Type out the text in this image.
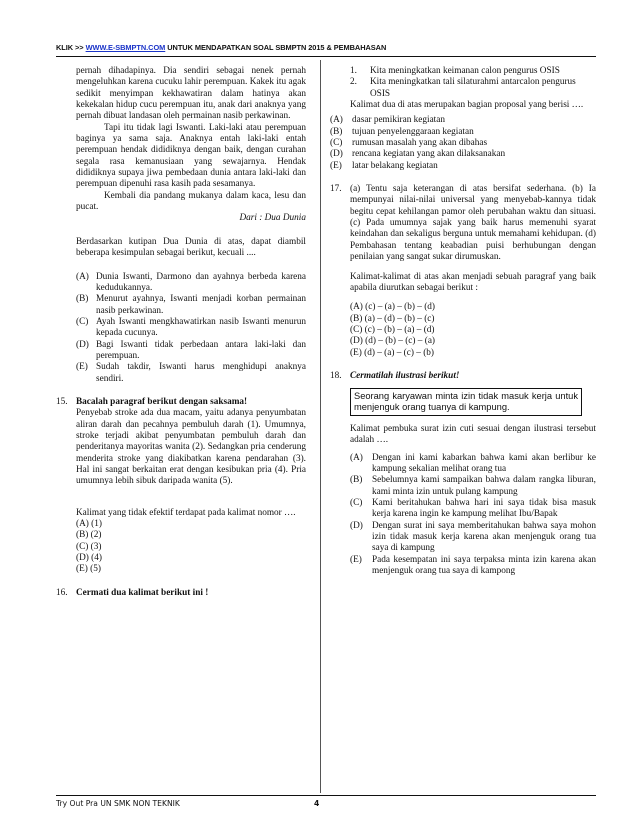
KLIK >> WWW.E-SBMPTN.COM UNTUK MENDAPATKAN SOAL SBMPTN 2015 & PEMBAHASAN

pernah dihadapinya. Dia sendiri sebagai nenek pernah mengeluhkan karena cucuku lahir perempuan. Kakek itu agak sedikit menyimpan kekhawatiran dalam hatinya akan kekekalan hidup cucu perempuan itu, anak dari anaknya yang pernah dibuat landasan oleh permainan nasib perkawinan.

Tapi itu tidak lagi Iswanti. Laki-laki atau perempuan baginya ya sama saja. Anaknya entah laki-laki entah perempuan hendak dididiknya dengan baik, dengan curahan segala rasa kemanusiaan yang sewajarnya. Hendak dididiknya supaya jiwa pembedaan dunia antara laki-laki dan perempuan dipenuhi rasa kasih pada sesamanya.

Kembali dia pandang mukanya dalam kaca, lesu dan pucat.

Dari : Dua Dunia

Berdasarkan kutipan Dua Dunia di atas, dapat diambil beberapa kesimpulan sebagai berikut, kecuali ....

(A) Dunia Iswanti, Darmono dan ayahnya berbeda karena kedudukannya.
(B) Menurut ayahnya, Iswanti menjadi korban permainan nasib perkawinan.
(C) Ayah Iswanti mengkhawatirkan nasib Iswanti menurun kepada cucunya.
(D) Bagi Iswanti tidak perbedaan antara laki-laki dan perempuan.
(E) Sudah takdir, Iswanti harus menghidupi anaknya sendiri.
15. Bacalah paragraf berikut dengan saksama!

Penyebab stroke ada dua macam, yaitu adanya penyumbatan aliran darah dan pecahnya pembuluh darah (1). Umumnya, stroke terjadi akibat penyumbatan pembuluh darah dan penderitanya mayoritas wanita (2). Sedangkan pria cenderung menderita stroke yang diakibatkan karena pendarahan (3). Hal ini sangat berkaitan erat dengan kesibukan pria (4). Pria umumnya lebih sibuk daripada wanita (5).

Kalimat yang tidak efektif terdapat pada kalimat nomor ….

(A) (1)
(B) (2)
(C) (3)
(D) (4)
(E) (5)
16. Cermati dua kalimat berikut ini !
1.	Kita meningkatkan keimanan calon pengurus OSIS
2.	Kita meningkatkan tali silaturahmi antarcalon pengurus OSIS

Kalimat dua di atas merupakan bagian proposal yang berisi ….

(A) dasar pemikiran kegiatan
(B)	tujuan penyelenggaraan kegiatan
(C)	rumusan masalah yang akan dibahas
(D) rencana kegiatan yang akan dilaksanakan
(E)	latar belakang kegiatan
17. (a) Tentu saja keterangan di atas bersifat sederhana. (b) Ia mempunyai nilai-nilai universal yang menyebab-kannya tidak begitu cepat kehilangan pamor oleh perubahan waktu dan situasi. (c) Pada umumnya sajak yang baik harus memenuhi syarat keindahan dan sekaligus berguna untuk memahami kehidupan. (d) Pembahasan tentang keabadian puisi berhubungan dengan penilaian yang sangat sukar dirumuskan.

Kalimat-kalimat di atas akan menjadi sebuah paragraf yang baik apabila diurutkan sebagai berikut :

(A) (c) – (a) – (b) – (d)
(B) (a) – (d) – (b) – (c)
(C) (c) – (b) – (a) – (d)
(D) (d) – (b) – (c) – (a)
(E) (d) – (a) – (c) – (b)
18. Cermatilah ilustrasi berikut!
Seorang karyawan minta izin tidak masuk kerja untuk menjenguk orang tuanya di kampung.

Kalimat pembuka surat izin cuti sesuai dengan ilustrasi tersebut adalah ….

(A) Dengan ini kami kabarkan bahwa kami akan berlibur ke kampung sekalian melihat orang tua
(B)	Sebelumnya kami sampaikan bahwa dalam rangka liburan, kami minta izin untuk pulang kampung
(C)	Kami beritahukan bahwa hari ini saya tidak bisa masuk kerja karena ingin ke kampung melihat Ibu/Bapak
(D) Dengan surat ini saya memberitahukan bahwa saya mohon izin tidak masuk kerja karena akan menjenguk orang tua saya di kampung
(E)	Pada kesempatan ini saya terpaksa minta izin karena akan menjenguk orang tua saya di kampong
Try Out Pra UN SMK NON TEKNIK	4
